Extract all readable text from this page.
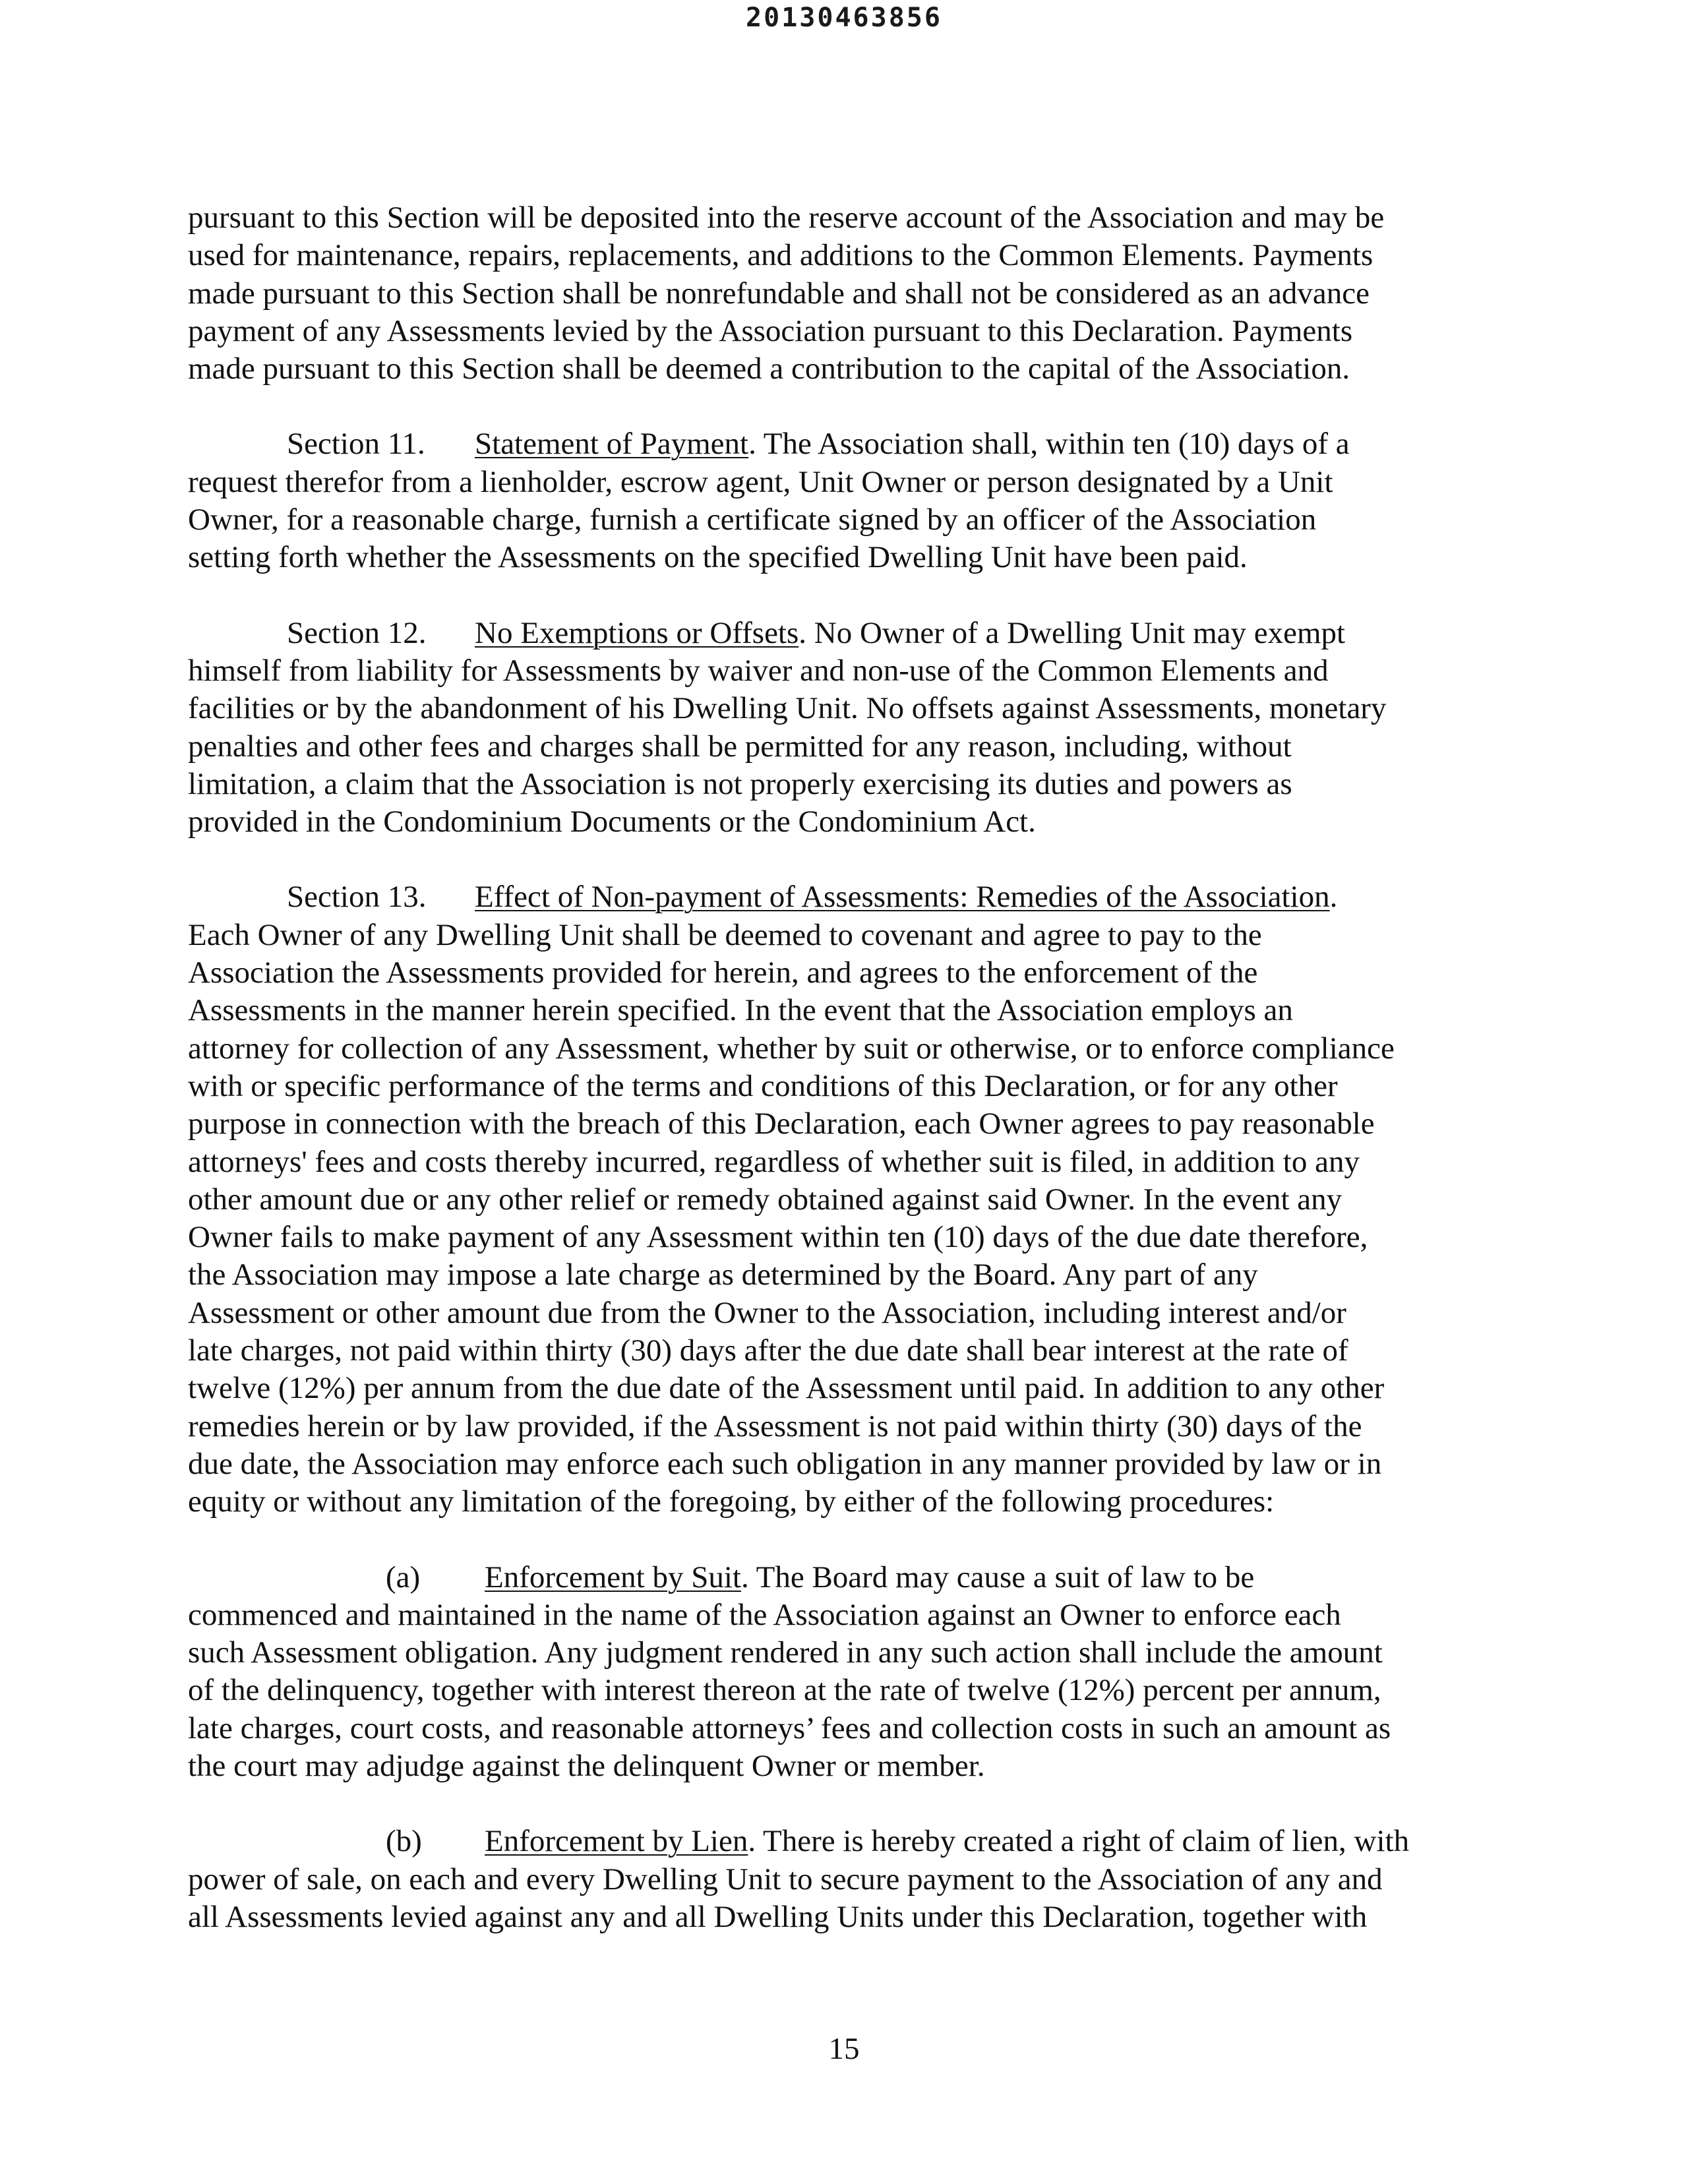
20130463856

pursuant to this Section will be deposited into the reserve account of the Association and may be
used for maintenance, repairs, replacements, and additions to the Common Elements. Payments
made pursuant to this Section shall be nonrefundable and shall not be considered as an advance
payment of any Assessments levied by the Association pursuant to this Declaration. Payments
made pursuant to this Section shall be deemed a contribution to the capital of the Association.

Section 11. Statement of Payment. The Association shall, within ten (10) days of a
request therefor from a lienholder, escrow agent, Unit Owner or person designated by a Unit
Owner, for a reasonable charge, furnish a certificate signed by an officer of the Association
setting forth whether the Assessments on the specified Dwelling Unit have been paid.

Section 12. No Exemptions or Offsets. No Owner of a Dwelling Unit may exempt
himself from liability for Assessments by waiver and non-use of the Common Elements and
facilities or by the abandonment of his Dwelling Unit. No offsets against Assessments, monetary
penalties and other fees and charges shall be permitted for any reason, including, without
limitation, a claim that the Association is not properly exercising its duties and powers as
provided in the Condominium Documents or the Condominium Act.

Section 13. Effect of Non-payment of Assessments: Remedies of the Association.
Each Owner of any Dwelling Unit shall be deemed to covenant and agree to pay to the
Association the Assessments provided for herein, and agrees to the enforcement of the
Assessments in the manner herein specified. In the event that the Association employs an
attorney for collection of any Assessment, whether by suit or otherwise, or to enforce compliance
with or specific performance of the terms and conditions of this Declaration, or for any other
purpose in connection with the breach of this Declaration, each Owner agrees to pay reasonable
attorneys' fees and costs thereby incurred, regardless of whether suit is filed, in addition to any
other amount due or any other relief or remedy obtained against said Owner. In the event any
Owner fails to make payment of any Assessment within ten (10) days of the due date therefore,
the Association may impose a late charge as determined by the Board. Any part of any
Assessment or other amount due from the Owner to the Association, including interest and/or
late charges, not paid within thirty (30) days after the due date shall bear interest at the rate of
twelve (12%) per annum from the due date of the Assessment until paid. In addition to any other
remedies herein or by law provided, if the Assessment is not paid within thirty (30) days of the
due date, the Association may enforce each such obligation in any manner provided by law or in
equity or without any limitation of the foregoing, by either of the following procedures:

(a) Enforcement by Suit. The Board may cause a suit of law to be
commenced and maintained in the name of the Association against an Owner to enforce each
such Assessment obligation. Any judgment rendered in any such action shall include the amount
of the delinquency, together with interest thereon at the rate of twelve (12%) percent per annum,
late charges, court costs, and reasonable attorneys’ fees and collection costs in such an amount as
the court may adjudge against the delinquent Owner or member.

(b) Enforcement by Lien. There is hereby created a right of claim of lien, with
power of sale, on each and every Dwelling Unit to secure payment to the Association of any and
all Assessments levied against any and all Dwelling Units under this Declaration, together with

15
